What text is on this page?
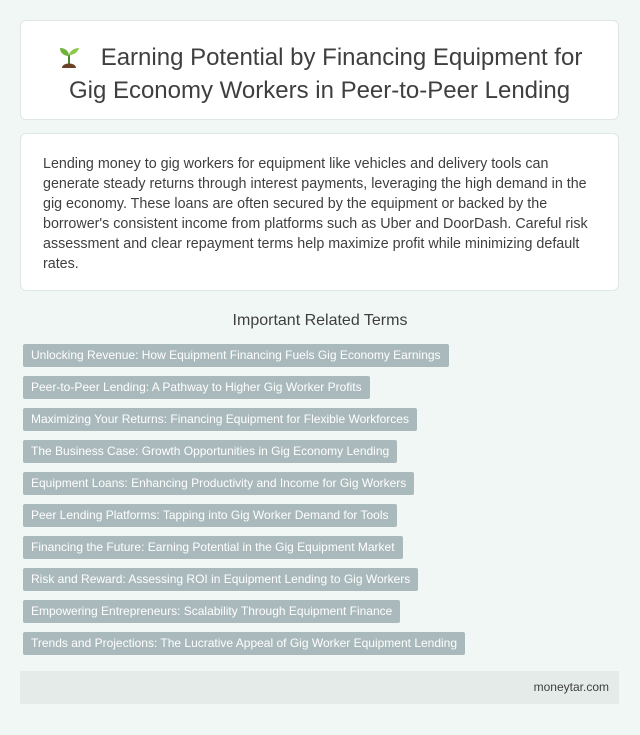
Earning Potential by Financing Equipment for Gig Economy Workers in Peer-to-Peer Lending

Lending money to gig workers for equipment like vehicles and delivery tools can generate steady returns through interest payments, leveraging the high demand in the gig economy. These loans are often secured by the equipment or backed by the borrower's consistent income from platforms such as Uber and DoorDash. Careful risk assessment and clear repayment terms help maximize profit while minimizing default rates.

Important Related Terms
Unlocking Revenue: How Equipment Financing Fuels Gig Economy Earnings
Peer-to-Peer Lending: A Pathway to Higher Gig Worker Profits
Maximizing Your Returns: Financing Equipment for Flexible Workforces
The Business Case: Growth Opportunities in Gig Economy Lending
Equipment Loans: Enhancing Productivity and Income for Gig Workers
Peer Lending Platforms: Tapping into Gig Worker Demand for Tools
Financing the Future: Earning Potential in the Gig Equipment Market
Risk and Reward: Assessing ROI in Equipment Lending to Gig Workers
Empowering Entrepreneurs: Scalability Through Equipment Finance
Trends and Projections: The Lucrative Appeal of Gig Worker Equipment Lending
moneytar.com
